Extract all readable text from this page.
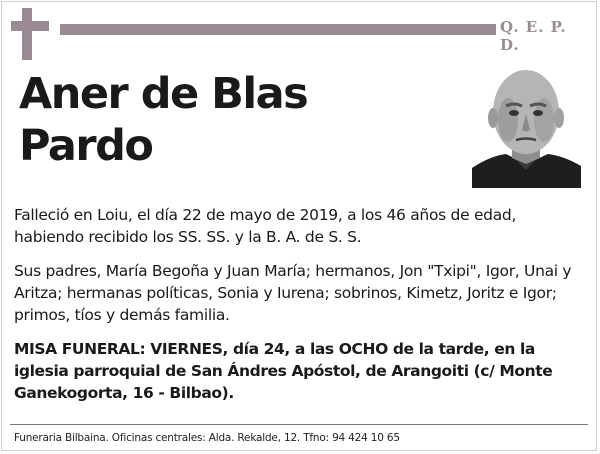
Q. E. P. D.
Aner de Blas
Pardo
Falleció en Loiu, el día 22 de mayo de 2019, a los 46 años de edad, habiendo recibido los SS. SS. y la B. A. de S. S.
Sus padres, María Begoña y Juan María; hermanos, Jon "Txipi", Igor, Unai y Aritza; hermanas políticas, Sonia y Iurena; sobrinos, Kimetz, Joritz e Igor; primos, tíos y demás familia.
MISA FUNERAL: VIERNES, día 24, a las OCHO de la tarde, en la iglesia parroquial de San Ándres Apóstol, de Arangoiti (c/ Monte Ganekogorta, 16 - Bilbao).
Funeraria Bilbaina. Oficinas centrales: Alda. Rekalde, 12. Tfno: 94 424 10 65
